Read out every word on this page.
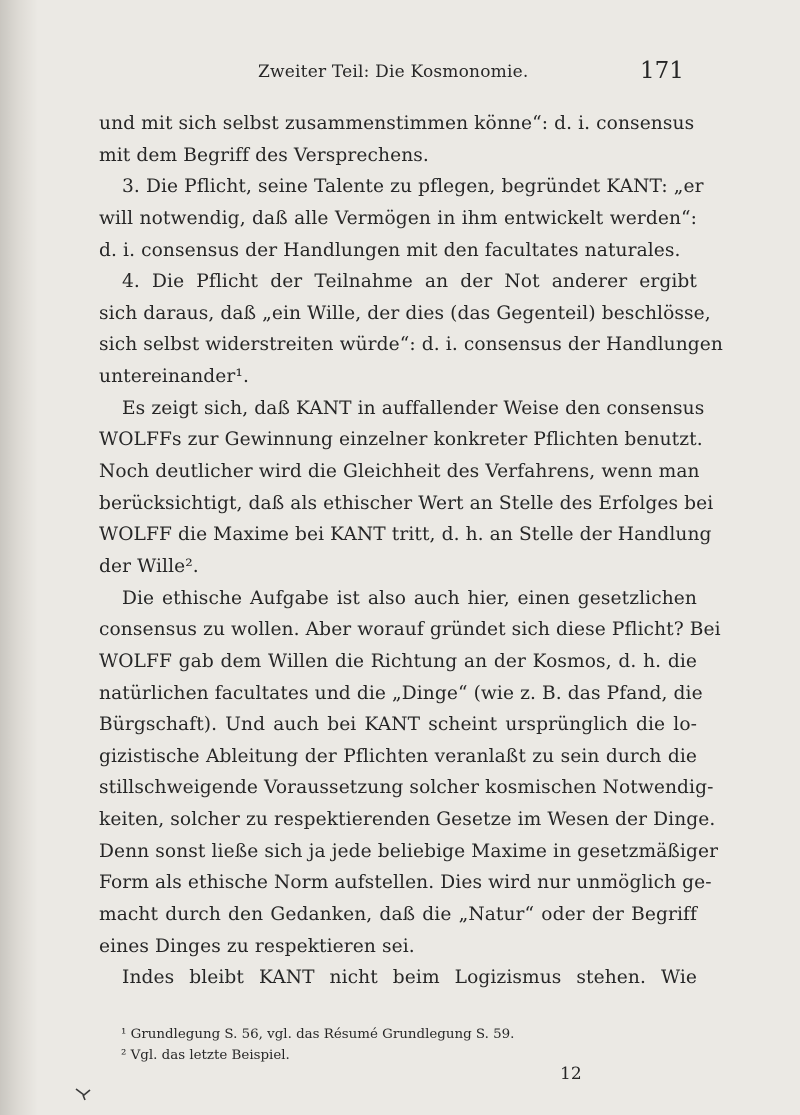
Zweiter Teil: Die Kosmonomie.	171
und mit sich selbst zusammenstimmen könne“: d. i. consensus
mit dem Begriff des Versprechens.
3. Die Pflicht, seine Talente zu pflegen, begründet KANT: „er
will notwendig, daß alle Vermögen in ihm entwickelt werden“:
d. i. consensus der Handlungen mit den facultates naturales.
4. Die Pflicht der Teilnahme an der Not anderer ergibt
sich daraus, daß „ein Wille, der dies (das Gegenteil) beschlösse,
sich selbst widerstreiten würde“: d. i. consensus der Handlungen
untereinander¹.
Es zeigt sich, daß KANT in auffallender Weise den consensus
WOLFFs zur Gewinnung einzelner konkreter Pflichten benutzt.
Noch deutlicher wird die Gleichheit des Verfahrens, wenn man
berücksichtigt, daß als ethischer Wert an Stelle des Erfolges bei
WOLFF die Maxime bei KANT tritt, d. h. an Stelle der Handlung
der Wille².
Die ethische Aufgabe ist also auch hier, einen gesetzlichen
consensus zu wollen. Aber worauf gründet sich diese Pflicht? Bei
WOLFF gab dem Willen die Richtung an der Kosmos, d. h. die
natürlichen facultates und die „Dinge“ (wie z. B. das Pfand, die
Bürgschaft). Und auch bei KANT scheint ursprünglich die lo-
gizistische Ableitung der Pflichten veranlaßt zu sein durch die
stillschweigende Voraussetzung solcher kosmischen Notwendig-
keiten, solcher zu respektierenden Gesetze im Wesen der Dinge.
Denn sonst ließe sich ja jede beliebige Maxime in gesetzmäßiger
Form als ethische Norm aufstellen. Dies wird nur unmöglich ge-
macht durch den Gedanken, daß die „Natur“ oder der Begriff
eines Dinges zu respektieren sei.
Indes bleibt KANT nicht beim Logizismus stehen. Wie
¹ Grundlegung S. 56, vgl. das Résumé Grundlegung S. 59.
² Vgl. das letzte Beispiel.
12
